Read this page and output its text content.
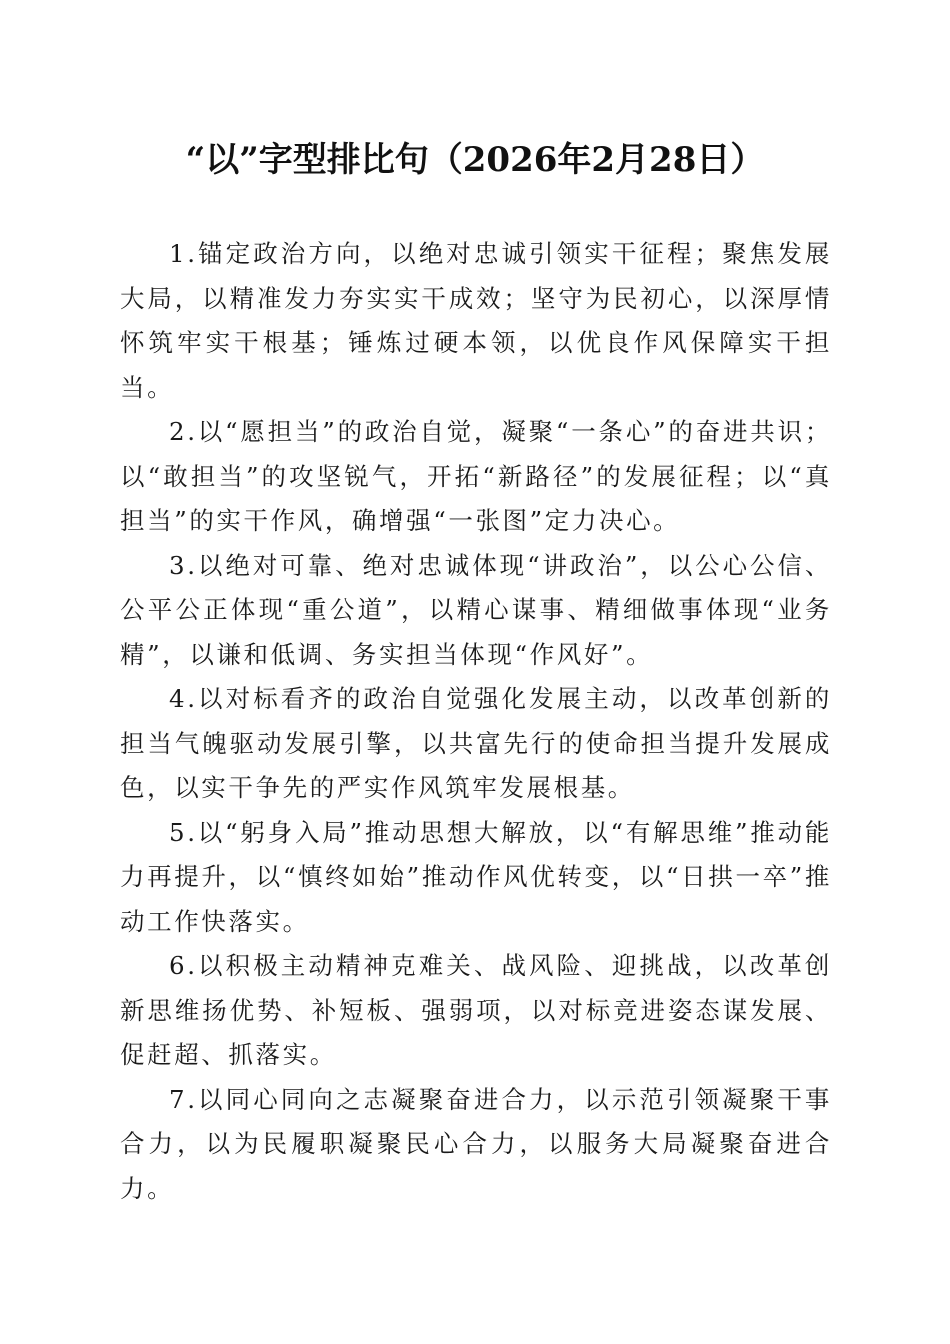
“以”字型排比句（2026年2月28日）

1.锚定政治方向，以绝对忠诚引领实干征程；聚焦发展大局，以精准发力夯实实干成效；坚守为民初心，以深厚情怀筑牢实干根基；锤炼过硬本领，以优良作风保障实干担当。

2.以“愿担当”的政治自觉，凝聚“一条心”的奋进共识；以“敢担当”的攻坚锐气，开拓“新路径”的发展征程；以“真担当”的实干作风，确增强“一张图”定力决心。

3.以绝对可靠、绝对忠诚体现“讲政治”，以公心公信、公平公正体现“重公道”，以精心谋事、精细做事体现“业务精”，以谦和低调、务实担当体现“作风好”。

4.以对标看齐的政治自觉强化发展主动，以改革创新的担当气魄驱动发展引擎，以共富先行的使命担当提升发展成色，以实干争先的严实作风筑牢发展根基。

5.以“躬身入局”推动思想大解放，以“有解思维”推动能力再提升，以“慎终如始”推动作风优转变，以“日拱一卒”推动工作快落实。

6.以积极主动精神克难关、战风险、迎挑战，以改革创新思维扬优势、补短板、强弱项，以对标竞进姿态谋发展、促赶超、抓落实。

7.以同心同向之志凝聚奋进合力，以示范引领凝聚干事合力，以为民履职凝聚民心合力，以服务大局凝聚奋进合力。
